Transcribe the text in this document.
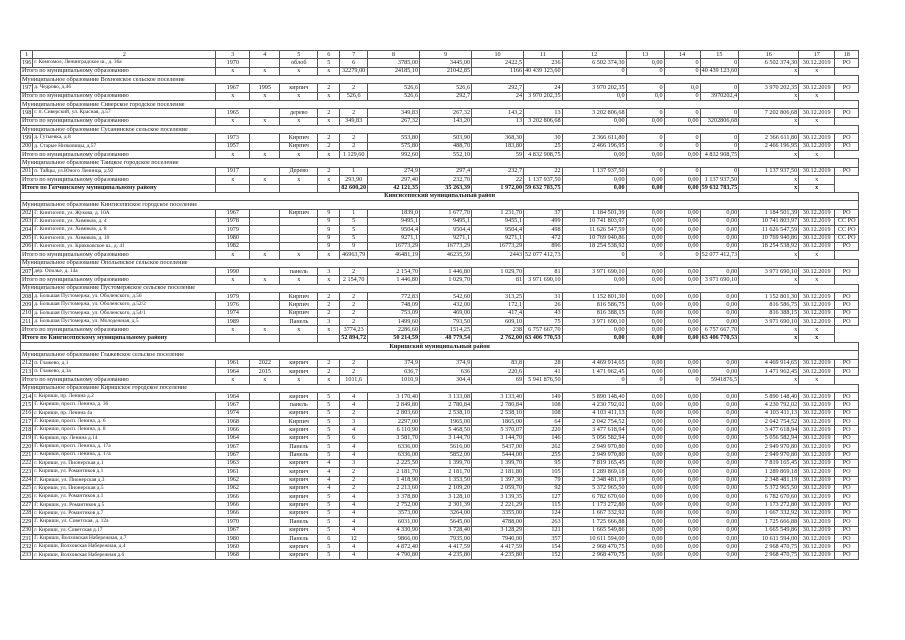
1	2	3	4	5	6	7	8	9	10	11	12	13	14	15	16	17	18
196	г. Комсомол, Ленинградское ш., д. 36а	1970		облоб	5	6	3785,00	3445,00	2422,5	236	6 502 374,30	0,00	0	0	6 502 374,30	30.12.2019	PO
Итого по муниципальному образованию		x	x	x	x	32279,00	24185,10	21042,85	1166	40 439 123,60	0	0	0	40 439 123,60	x	x	
Муниципальное образование Вохновское сельское поселение																	
197	д. Чедрово, д.46	1967	1995	кирпич	2	2	526,6	526,6	292,7	24	3 970 202,35	0	0,0	0	3 970 202,35	30.12.2019	PO
Итого по муниципальному образованию		x	x	x	x	526,6	526,6	292,7	24	3 970 202,35	0,0	0,0	0	3970202,4	x	x	
Муниципальное образование Сиверское городское поселение																	
198	г. п. Сиверский, ул. Красная, д.57	1965		дерево	2	2	349,83	267,32	143,2	13	3 202 806,68	0	0	0	7 202 806,68	30.12.2019	PO
Итого по муниципальному образованию		x	x	x	x	349,83	267,32	143,20	13	3 202 806,68	0,00	0,00	0,00	3202806,68	x	x	
Муниципальное образование Сусанинское сельское поселение																	
199	д. Гутыевка, д.8	1973		Кирпич	2	2	553,80	503,90	368,30	30	2 366 611,80	0	0	0	2 366 611,80	30.12.2019	PO
200	д. Старые Низковицы, д.57	1957		Кирпич	2	2	575,80	488,70	183,80	25	2 466 196,95	0	0	0	2 466 196,95	30.12.2019	PO
Итого по муниципальному образованию		x	x	x	x	1 129,60	992,60	552,10	59	4 832 908,75	0,00	0,00	0,00	4 832 908,75	x	x	
Муниципальное образование Таицкое городское поселение																	
201	п. Тайцы, ул.Юного Ленинца, д.92	1917		Дерево	2	1	274,9	297,4	232,7	22	1 137 937,50	0	0	0	1 137 937,50	30.12.2019	PO
Итого по муниципальному образованию		x	x	x	x	293,90	297,40	232,70	22	1 137 937,50	0,00	0,00	0,00	1 137 937,50	x	x	
Итого по Гатчинскому муниципальному району						82 600,20	42 121,35	35 263,39	1 972,00	59 632 783,75	0,00	0,00	0,00	59 632 783,75	x	x	
Кингисеппский муниципальный район																	
Муниципальное образование Кингисеппское городское поселение																	
202	Г. Кингисепп, ул. Жукова, д. 10А	1967		Кирпич	9	1	1839,0	1 677,70	1 231,70	37	1 184 501,39	0,00	0,00	0,00	1 184 501,39	30.12.2019	PO
203	Г. Кингисепп, ул. Химиков, д. 4	1978			9	5	9495,1	9495,1	9455,1	499	10 741 803,97	0,00	0,00	0,00	10 741 803,97	30.12.2019	CC PO
204	Г. Кингисепп, ул. Химиков, д. 8	1979			9	5	9504,4	9504,4	9504,4	498	11 626 547,59	0,00	0,00	0,00	11 626 547,59	30.12.2019	CC PO
205	Г. Кингисепп, ул. Химиков, д. 10	1980			9	5	9271,1	9271,1	9271,1	472	10 769 940,86	0,00	0,00	0,00	10 769 940,86	30.12.2019	CC PO
206	Г. Кингисепп, ул. Крикковское ш., д. 41	1982			9	9	16773,29	16773,29	16773,29	896	18 254 538,92	0,00	0,00	0,00	18 254 538,92	30.12.2019	PO
Итого по муниципальному образованию		x	x	x	x	46963,79	46481,19	46235,59	2443	52 077 412,73	0	0	0	52 077 412,73	x	x	
Муниципальное образование Опольевское сельское поселение																	
207	дер. Ополье, д. 14а	1990		панель	3	2	2 154,70	1 446,80	1 029,70	81	3 971 690,10	0,00	0,00	0,00	3 971 690,10	30.12.2019	PO
Итого по муниципальному образованию		x	x	x	x	2 154,70	1 446,80	1 029,70	81	3 971 690,10	0,00	0,00	0,00	3 971 690,10	x	x	
Муниципальное образование Пустомержское сельское поселение																	
208	д. Большая Пустомержа, ул. Оболенского, д.56	1979		Кирпич	2	2	772,83	542,60	313,25	31	1 152 801,30	0,00	0,00	0,00	1 152 801,30	30.12.2019	PO
209	д. Большая Пустомержа, ул. Оболенского, д.52/2	1976		Кирпич	2	2	748,09	432,00	172,1	26	816 586,75	0,00	0,00	0,00	816 586,75	30.12.2019	PO
210	д. Большая Пустомержа, ул. Оболенского, д.54/1	1974		Кирпич	2	2	753,09	469,00	417,4	43	816 388,15	0,00	0,00	0,00	816 388,15	30.12.2019	PO
211	д. Большая Пустомержа, ул. Молодежная, д.5	1989		Панель	3	2	1499,60	793,50	609,10	75	3 971 690,10	0,00	0,00	0,00	3 971 690,10	30.12.2019	PO
Итого по муниципальному образованию		x	x	x	x	3774,23	2286,60	1514,25	238	6 757 667,70	0,00	0,00	0,00	6 757 667,70	x	x	
Итого по Кингисеппскому муниципальному району						52 894,72	50 214,59	48 779,54	2 762,00	63 406 770,53	0,00	0,00	0,00	63 406 770,53	x	x	
Киришский муниципальный район																	
Муниципальное образование Глажевское сельское поселение																	
212	п. Глажево, д.1	1961	2022	кирпич	2	2	374,9	374,9	83,8	28	4 469 914,65	0,00	0,00	0,00	4 469 914,65	30.12.2019	PO
213	п. Глажево, д.1а	1964	2015	кирпич	2	2	636,7	636	220,6	41	1 471 962,45	0,00	0,00	0,00	1 471 962,45	30.12.2019	PO
Итого по муниципальному образованию		x	x	x	x	1011,6	1010,9	304,4	69	5 941 876,50	0	0	0	5941876,5	x	x	
Муниципальное образование Киришское городское поселение																	
214	г. Кириши, пр. Ленина д.2	1964		кирпич	5	4	3 170,40	3 133,08	3 133,40	149	5 890 148,40	0,00	0,00	0,00	5 890 148,40	30.12.2019	PO
215	Г. Кириши, просп. Ленина, д. 36	1967		панель	5	4	2 849,80	2 780,84	2 780,84	108	4 230 792,02	0,00	0,00	0,00	4 230 792,02	30.12.2019	PO
216	г. Кириши, пр. Ленина 4а	1974		кирпич	5	2	2 803,60	2 538,10	2 538,10	108	4 103 411,13	0,00	0,00	0,00	4 103 411,13	30.12.2019	PO
217	Г. Кириши, просп. Ленина, д. 6	1968		Кирпич	5	3	2297,00	1965,00	1865,00	64	2 042 754,52	0,00	0,00	0,00	2 042 754,52	30.12.2019	PO
218	Г. Кириши, просп. Ленина, д. 8	1966		кирпич	5	4	6 110,90	5 468,50	5 370,07	220	3 477 618,94	0,00	0,00	0,00	3 477 618,94	30.12.2019	PO
219	Г. Кириши, пр. Ленина д.14	1964		кирпич	5	6	3 581,70	3 144,70	3 144,70	146	5 056 582,94	0,00	0,00	0,00	5 056 582,94	30.12.2019	PO
220	Г. Кириши, просп. Ленина, д. 17а	1967		Панель	5	4	6336,00	5616,00	5437,00	262	2 949 970,80	0,00	0,00	0,00	2 949 970,80	30.12.2019	PO
221	Г. Кириши, просп. Ленина, д. 17а	1967		Панель	5	4	6336,00	5852,00	5444,00	255	2 949 970,80	0,00	0,00	0,00	2 949 970,80	30.12.2019	PO
222	г. Кириши, ул. Пионерская д.1	1963		кирпич	4	3	2 225,50	1 399,70	1 399,70	95	7 819 165,45	0,00	0,00	0,00	7 819 165,45	30.12.2019	PO
223	г. Кириши, ул. Романтиков д.1	1961		кирпич	4	2	2 181,70	2 181,70	2 181,80	105	1 289 869,18	0,00	0,00	0,00	1 289 869,18	30.12.2019	PO
224	Г. Кириши, ул. Пионерская д.3	1962		кирпич	4	2	1 418,90	1 353,50	1 397,30	79	2 348 481,19	0,00	0,00	0,00	2 348 481,19	30.12.2019	PO
225	г. Кириши, ул. Пионерская д.5	1962		кирпич	4	2	2 213,60	2 109,20	2 059,70	92	5 372 965,50	0,00	0,00	0,00	5 372 965,50	30.12.2019	PO
226	г. Кириши, ул. Романтиков д.1	1966		кирпич	5	4	3 378,80	3 128,10	3 139,35	127	6 782 670,60	0,00	0,00	0,00	6 782 670,60	30.12.2019	PO
227	Г. Кириши, ул. Романтиков д.5	1966		кирпич	5	4	2 752,00	2 301,39	2 221,29	115	1 173 272,80	0,00	0,00	0,00	1 173 272,80	30.12.2019	PO
228	г. Кириши, ул. Романтиков д.7	1966		кирпич	5	4	3573,00	3264,00	3355,00	124	1 667 332,92	0,00	0,00	0,00	1 667 332,92	30.12.2019	PO
229	Г. Кириши, ул. Советская, д. 12а	1970		Панель	5	4	6031,00	5645,00	4788,00	263	1 725 666,88	0,00	0,00	0,00	1 725 666,88	30.12.2019	PO
230	г. Кириши, ул. Советская д.17	1967		кирпич	5	4	4 330,90	3 728,40	3 128,29	121	1 665 549,86	0,00	0,00	0,00	1 665 549,86	30.12.2019	PO
231	Г. Кириши, Волховская Набережная, д.7	1980		Панель	6	12	9866,00	7935,00	7940,00	357	10 611 594,00	0,00	0,00	0,00	10 611 594,00	30.12.2019	PO
232	г. Кириши, Волховская Набережная, д.4	1960		кирпич	5	4	4 872,40	4 417,59	4 417,59	154	2 968 470,75	0,00	0,00	0,00	2 968 470,75	30.12.2019	PO
233	г. Кириши, Волховская Набережная д.6	1968		кирпич	5	4	4 790,80	4 235,80	4 235,80	152	2 968 470,75	0,00	0,00	0,00	2 968 470,75	30.12.2019	PO
